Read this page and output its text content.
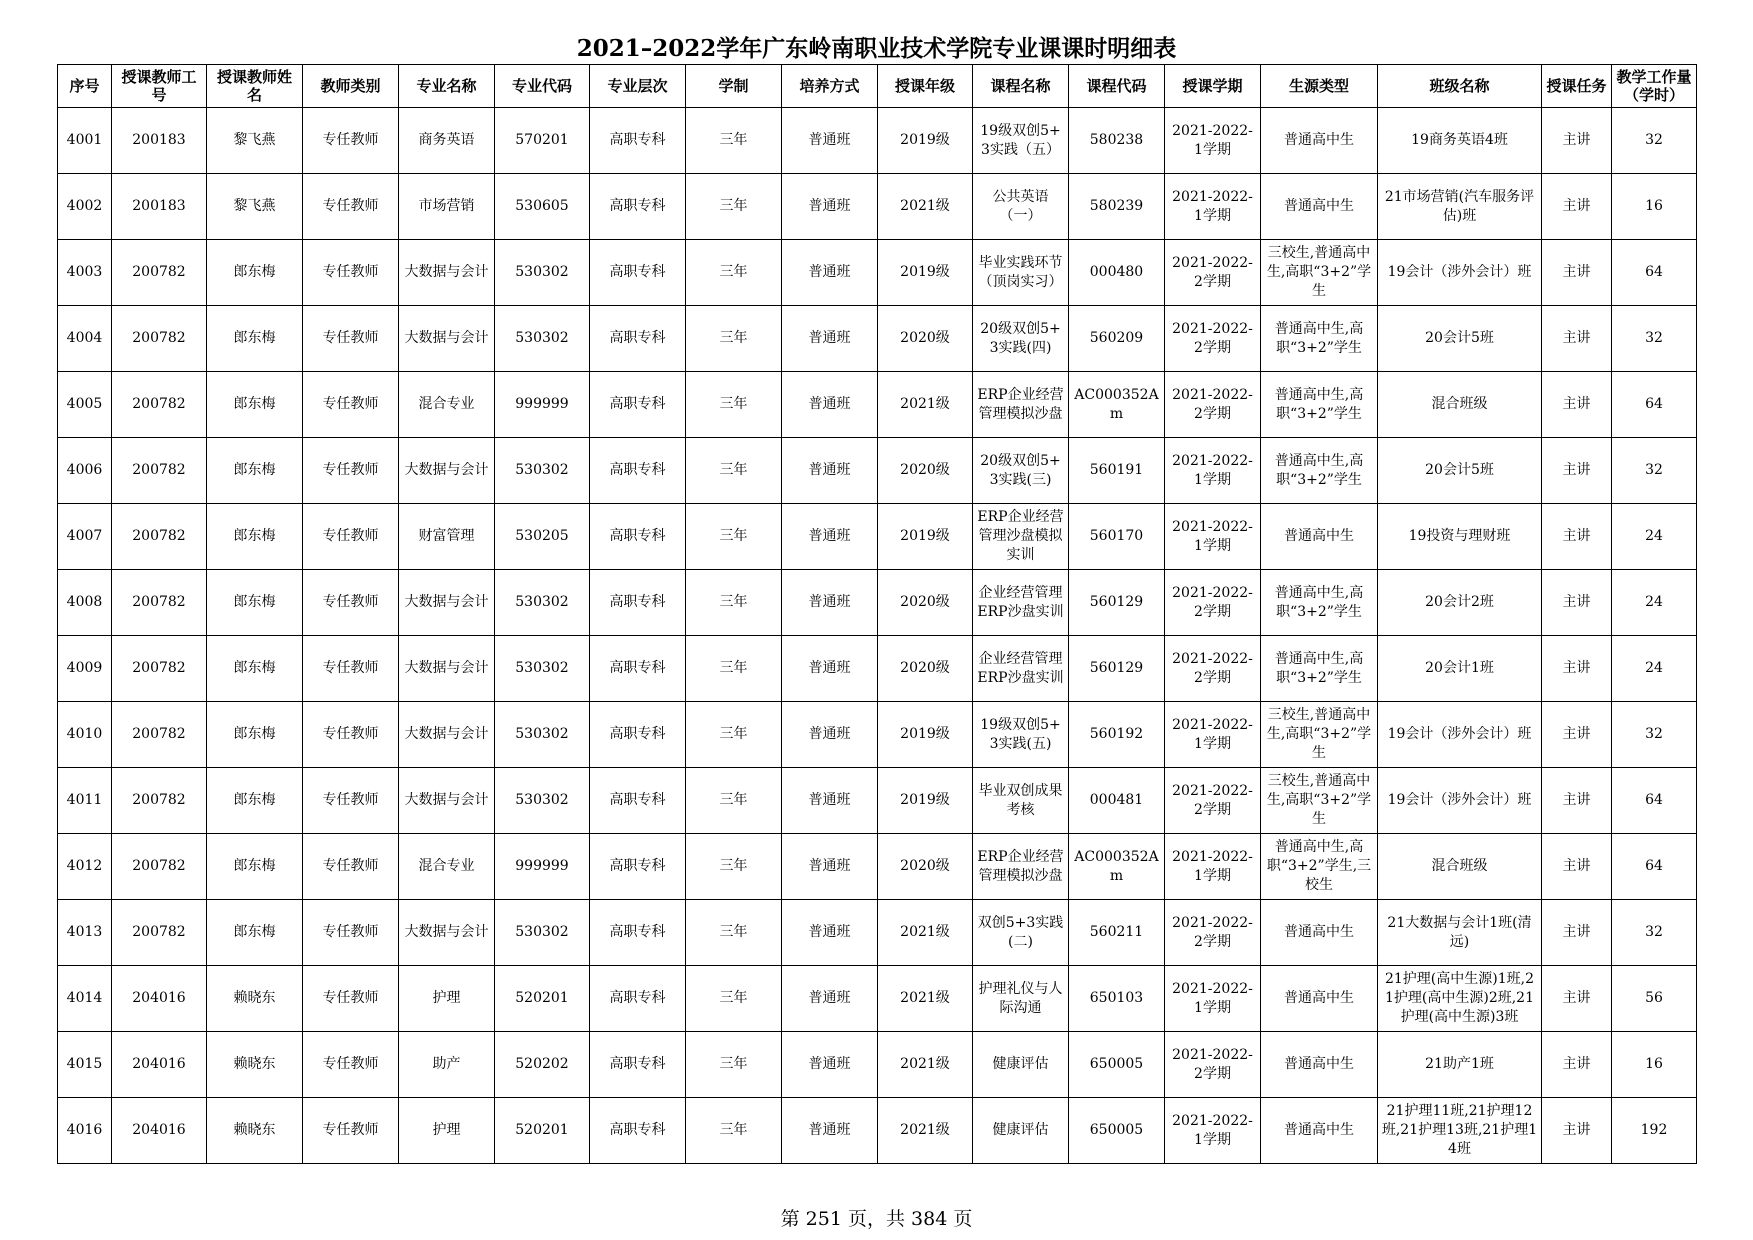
2021–2022学年广东岭南职业技术学院专业课课时明细表
序号	授课教师工号	授课教师姓名	教师类别	专业名称	专业代码	专业层次	学制	培养方式	授课年级	课程名称	课程代码	授课学期	生源类型	班级名称	授课任务	教学工作量（学时）

4001	200183	黎飞燕	专任教师	商务英语	570201	高职专科	三年	普通班	2019级	19级双创5+3实践（五）	580238	2021-2022-1学期	普通高中生	19商务英语4班	主讲	32

4002	200183	黎飞燕	专任教师	市场营销	530605	高职专科	三年	普通班	2021级	公共英语（一）	580239	2021-2022-1学期	普通高中生	21市场营销(汽车服务评估)班	主讲	16

4003	200782	郎东梅	专任教师	大数据与会计	530302	高职专科	三年	普通班	2019级	毕业实践环节（顶岗实习）	000480	2021-2022-2学期	三校生,普通高中生,高职“3+2”学生	19会计（涉外会计）班	主讲	64

4004	200782	郎东梅	专任教师	大数据与会计	530302	高职专科	三年	普通班	2020级	20级双创5+3实践(四)	560209	2021-2022-2学期	普通高中生,高职“3+2”学生	20会计5班	主讲	32

4005	200782	郎东梅	专任教师	混合专业	999999	高职专科	三年	普通班	2021级	ERP企业经营管理模拟沙盘	AC000352Am	2021-2022-2学期	普通高中生,高职“3+2”学生	混合班级	主讲	64

4006	200782	郎东梅	专任教师	大数据与会计	530302	高职专科	三年	普通班	2020级	20级双创5+3实践(三)	560191	2021-2022-1学期	普通高中生,高职“3+2”学生	20会计5班	主讲	32

4007	200782	郎东梅	专任教师	财富管理	530205	高职专科	三年	普通班	2019级	ERP企业经营管理沙盘模拟实训	560170	2021-2022-1学期	普通高中生	19投资与理财班	主讲	24

4008	200782	郎东梅	专任教师	大数据与会计	530302	高职专科	三年	普通班	2020级	企业经营管理ERP沙盘实训	560129	2021-2022-2学期	普通高中生,高职“3+2”学生	20会计2班	主讲	24

4009	200782	郎东梅	专任教师	大数据与会计	530302	高职专科	三年	普通班	2020级	企业经营管理ERP沙盘实训	560129	2021-2022-2学期	普通高中生,高职“3+2”学生	20会计1班	主讲	24

4010	200782	郎东梅	专任教师	大数据与会计	530302	高职专科	三年	普通班	2019级	19级双创5+3实践(五)	560192	2021-2022-1学期	三校生,普通高中生,高职“3+2”学生	19会计（涉外会计）班	主讲	32

4011	200782	郎东梅	专任教师	大数据与会计	530302	高职专科	三年	普通班	2019级	毕业双创成果考核	000481	2021-2022-2学期	三校生,普通高中生,高职“3+2”学生	19会计（涉外会计）班	主讲	64

4012	200782	郎东梅	专任教师	混合专业	999999	高职专科	三年	普通班	2020级	ERP企业经营管理模拟沙盘	AC000352Am	2021-2022-1学期	普通高中生,高职“3+2”学生,三校生	混合班级	主讲	64

4013	200782	郎东梅	专任教师	大数据与会计	530302	高职专科	三年	普通班	2021级	双创5+3实践(二)	560211	2021-2022-2学期	普通高中生	21大数据与会计1班(清远)	主讲	32

4014	204016	赖晓东	专任教师	护理	520201	高职专科	三年	普通班	2021级	护理礼仪与人际沟通	650103	2021-2022-1学期	普通高中生	21护理(高中生源)1班,21护理(高中生源)2班,21护理(高中生源)3班	主讲	56

4015	204016	赖晓东	专任教师	助产	520202	高职专科	三年	普通班	2021级	健康评估	650005	2021-2022-2学期	普通高中生	21助产1班	主讲	16

4016	204016	赖晓东	专任教师	护理	520201	高职专科	三年	普通班	2021级	健康评估	650005	2021-2022-1学期	普通高中生	21护理11班,21护理12班,21护理13班,21护理14班	主讲	192
第 251 页，共 384 页
